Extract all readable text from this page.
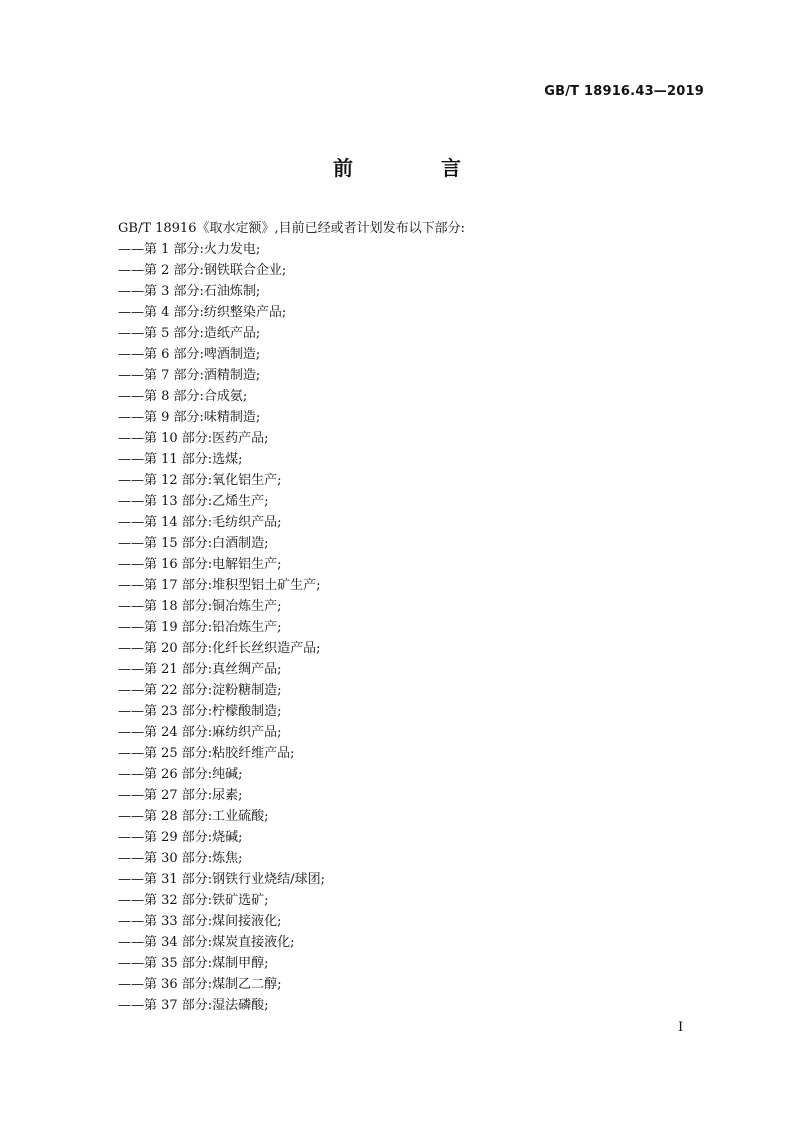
GB/T 18916.43—2019
前　言
GB/T 18916《取水定额》,目前已经或者计划发布以下部分:
——第 1 部分:火力发电;
——第 2 部分:钢铁联合企业;
——第 3 部分:石油炼制;
——第 4 部分:纺织整染产品;
——第 5 部分:造纸产品;
——第 6 部分:啤酒制造;
——第 7 部分:酒精制造;
——第 8 部分:合成氨;
——第 9 部分:味精制造;
——第 10 部分:医药产品;
——第 11 部分:选煤;
——第 12 部分:氧化铝生产;
——第 13 部分:乙烯生产;
——第 14 部分:毛纺织产品;
——第 15 部分:白酒制造;
——第 16 部分:电解铝生产;
——第 17 部分:堆积型铝土矿生产;
——第 18 部分:铜冶炼生产;
——第 19 部分:铅冶炼生产;
——第 20 部分:化纤长丝织造产品;
——第 21 部分:真丝绸产品;
——第 22 部分:淀粉糖制造;
——第 23 部分:柠檬酸制造;
——第 24 部分:麻纺织产品;
——第 25 部分:粘胶纤维产品;
——第 26 部分:纯碱;
——第 27 部分:尿素;
——第 28 部分:工业硫酸;
——第 29 部分:烧碱;
——第 30 部分:炼焦;
——第 31 部分:钢铁行业烧结/球团;
——第 32 部分:铁矿选矿;
——第 33 部分:煤间接液化;
——第 34 部分:煤炭直接液化;
——第 35 部分:煤制甲醇;
——第 36 部分:煤制乙二醇;
——第 37 部分:湿法磷酸;
I
